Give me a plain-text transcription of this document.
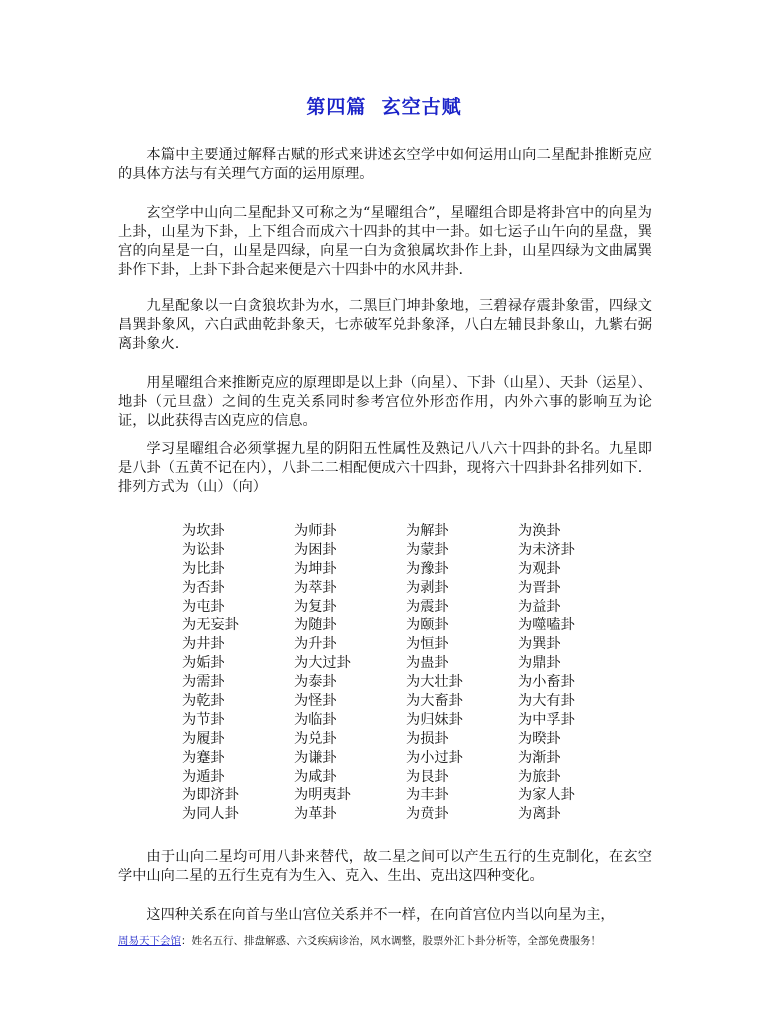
第四篇  玄空古赋

本篇中主要通过解释古赋的形式来讲述玄空学中如何运用山向二星配卦推断克应的具体方法与有关理气方面的运用原理。

玄空学中山向二星配卦又可称之为“星曜组合”，星曜组合即是将卦宫中的向星为上卦，山星为下卦，上下组合而成六十四卦的其中一卦。如七运子山午向的星盘，巽宫的向星是一白，山星是四绿，向星一白为贪狼属坎卦作上卦，山星四绿为文曲属巽卦作下卦，上卦下卦合起来便是六十四卦中的水风井卦.

九星配象以一白贪狼坎卦为水，二黑巨门坤卦象地，三碧禄存震卦象雷，四绿文昌巽卦象风，六白武曲乾卦象天，七赤破军兑卦象泽，八白左辅艮卦象山，九紫右弼离卦象火.

用星曜组合来推断克应的原理即是以上卦（向星）、下卦（山星）、天卦（运星）、地卦（元旦盘）之间的生克关系同时参考宫位外形峦作用，内外六事的影响互为论证，以此获得吉凶克应的信息。

学习星曜组合必须掌握九星的阴阳五性属性及熟记八八六十四卦的卦名。九星即是八卦（五黄不记在内），八卦二二相配便成六十四卦，现将六十四卦卦名排列如下．排列方式为（山）（向）

为坎卦	为师卦	为解卦	为涣卦
为讼卦	为困卦	为蒙卦	为未济卦
为比卦	为坤卦	为豫卦	为观卦
为否卦	为萃卦	为剥卦	为晋卦
为屯卦	为复卦	为震卦	为益卦
为无妄卦	为随卦	为颐卦	为噬嗑卦
为井卦	为升卦	为恒卦	为巽卦
为姤卦	为大过卦	为蛊卦	为鼎卦
为需卦	为泰卦	为大壮卦	为小畜卦
为乾卦	为怪卦	为大畜卦	为大有卦
为节卦	为临卦	为归妹卦	为中孚卦
为履卦	为兑卦	为损卦	为暌卦
为蹇卦	为谦卦	为小过卦	为渐卦
为遁卦	为咸卦	为艮卦	为旅卦
为即济卦	为明夷卦	为丰卦	为家人卦
为同人卦	为革卦	为贲卦	为离卦

由于山向二星均可用八卦来替代，故二星之间可以产生五行的生克制化，在玄空学中山向二星的五行生克有为生入、克入、生出、克出这四种变化。

这四种关系在向首与坐山宫位关系并不一样，在向首宫位内当以向星为主，

周易天下会馆：姓名五行、排盘解惑、六爻疾病诊治，风水调整，股票外汇卜卦分析等，全部免费服务！
